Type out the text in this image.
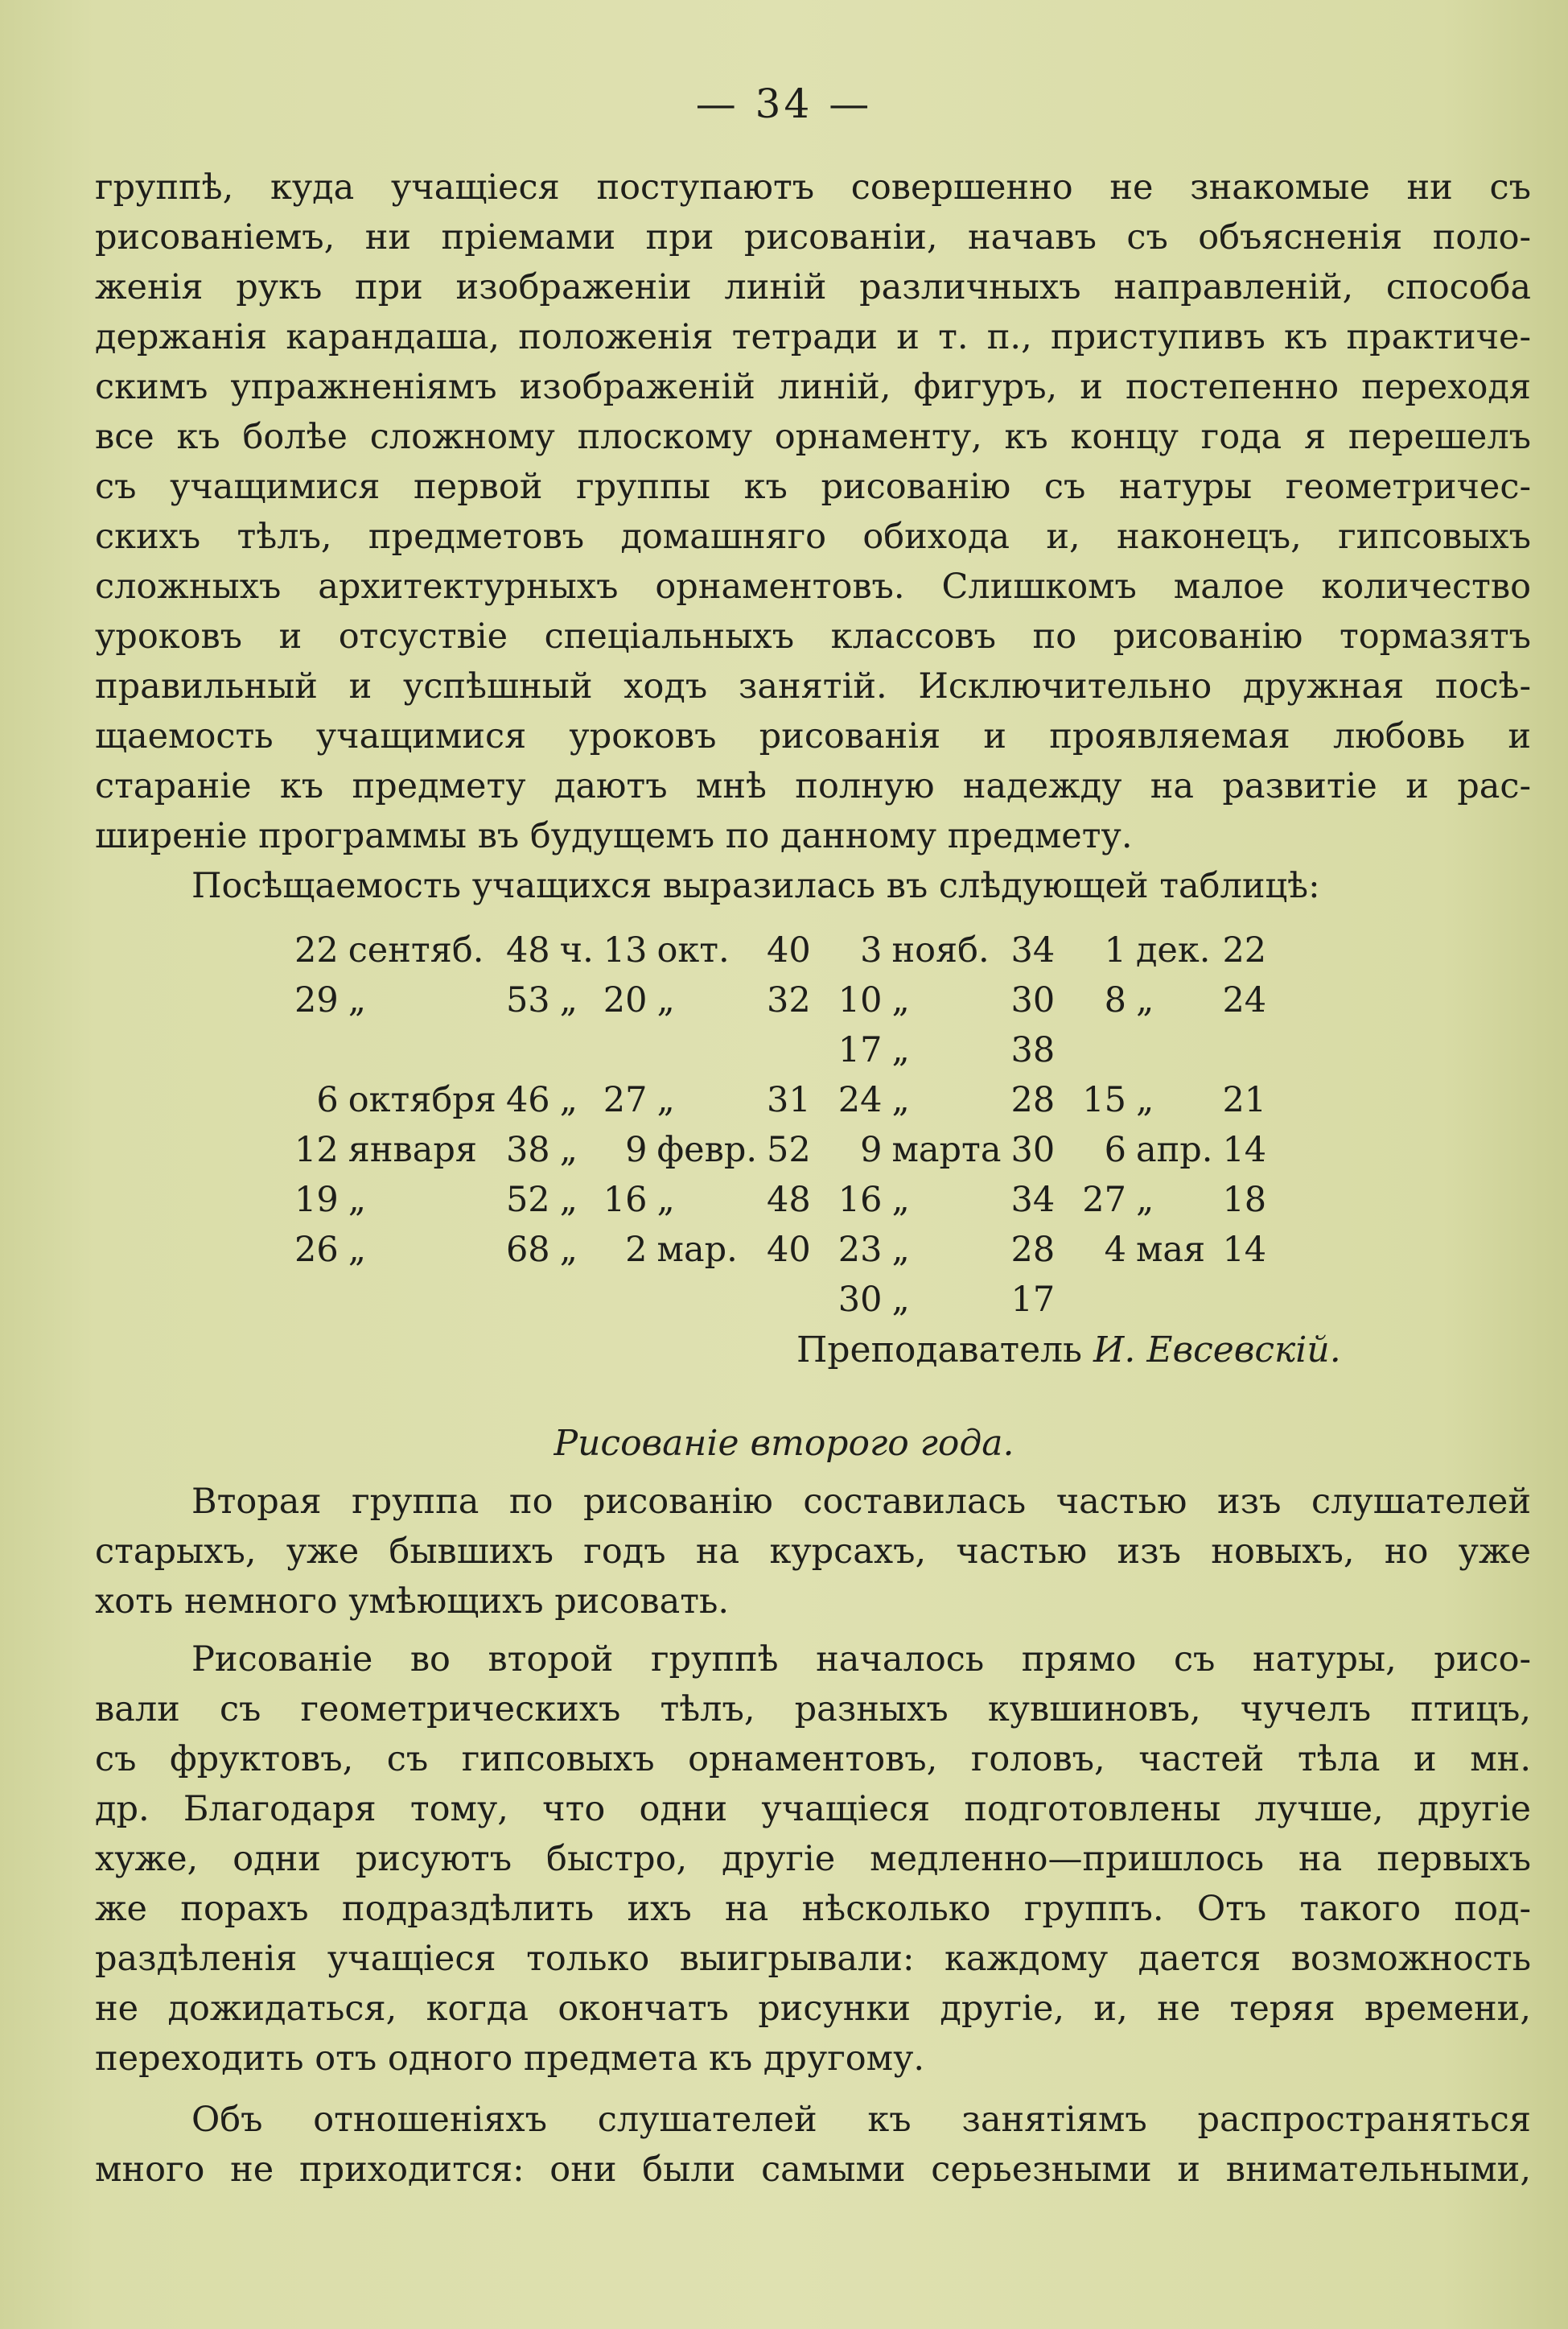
— 34 —
группѣ, куда учащіеся поступаютъ совершенно не знакомые ни съ
рисованіемъ, ни пріемами при рисованіи, начавъ съ объясненія поло-
женія рукъ при изображеніи линій различныхъ направленій, способа
держанія карандаша, положенія тетради и т. п., приступивъ къ практиче-
скимъ упражненіямъ изображеній линій, фигуръ, и постепенно переходя
все къ болѣе сложному плоскому орнаменту, къ концу года я перешелъ
съ учащимися первой группы къ рисованію съ натуры геометричес-
скихъ тѣлъ, предметовъ домашняго обихода и, наконецъ, гипсовыхъ
сложныхъ архитектурныхъ орнаментовъ. Слишкомъ малое количество
уроковъ и отсуствіе спеціальныхъ классовъ по рисованію тормазятъ
правильный и успѣшный ходъ занятій. Исключительно дружная посѣ-
щаемость учащимися уроковъ рисованія и проявляемая любовь и
стараніе къ предмету даютъ мнѣ полную надежду на развитіе и рас-
ширеніе программы въ будущемъ по данному предмету.
Посѣщаемость учащихся выразилась въ слѣдующей таблицѣ:
22	сентяб.	48	ч.	13	окт.	40	3	нояб.	34	1	дек.	22
29	„	53	„	20	„	32	10	„	30	8	„	24
							17	„	38			
6	октября	46	„	27	„	31	24	„	28	15	„	21
12	января	38	„	9	февр.	52	9	марта	30	6	апр.	14
19	„	52	„	16	„	48	16	„	34	27	„	18
26	„	68	„	2	мар.	40	23	„	28	4	мая	14
							30	„	17			
Преподаватель И. Евсевскій.
Рисованіе второго года.
Вторая группа по рисованію составилась частью изъ слушателей
старыхъ, уже бывшихъ годъ на курсахъ, частью изъ новыхъ, но уже
хоть немного умѣющихъ рисовать.
Рисованіе во второй группѣ началось прямо съ натуры, рисо-
вали съ геометрическихъ тѣлъ, разныхъ кувшиновъ, чучелъ птицъ,
съ фруктовъ, съ гипсовыхъ орнаментовъ, головъ, частей тѣла и мн.
др. Благодаря тому, что одни учащіеся подготовлены лучше, другіе
хуже, одни рисуютъ быстро, другіе медленно—пришлось на первыхъ
же порахъ подраздѣлить ихъ на нѣсколько группъ. Отъ такого под-
раздѣленія учащіеся только выигрывали: каждому дается возможность
не дожидаться, когда окончатъ рисунки другіе, и, не теряя времени,
переходить отъ одного предмета къ другому.
Объ отношеніяхъ слушателей къ занятіямъ распространяться
много не приходится: они были самыми серьезными и внимательными,
